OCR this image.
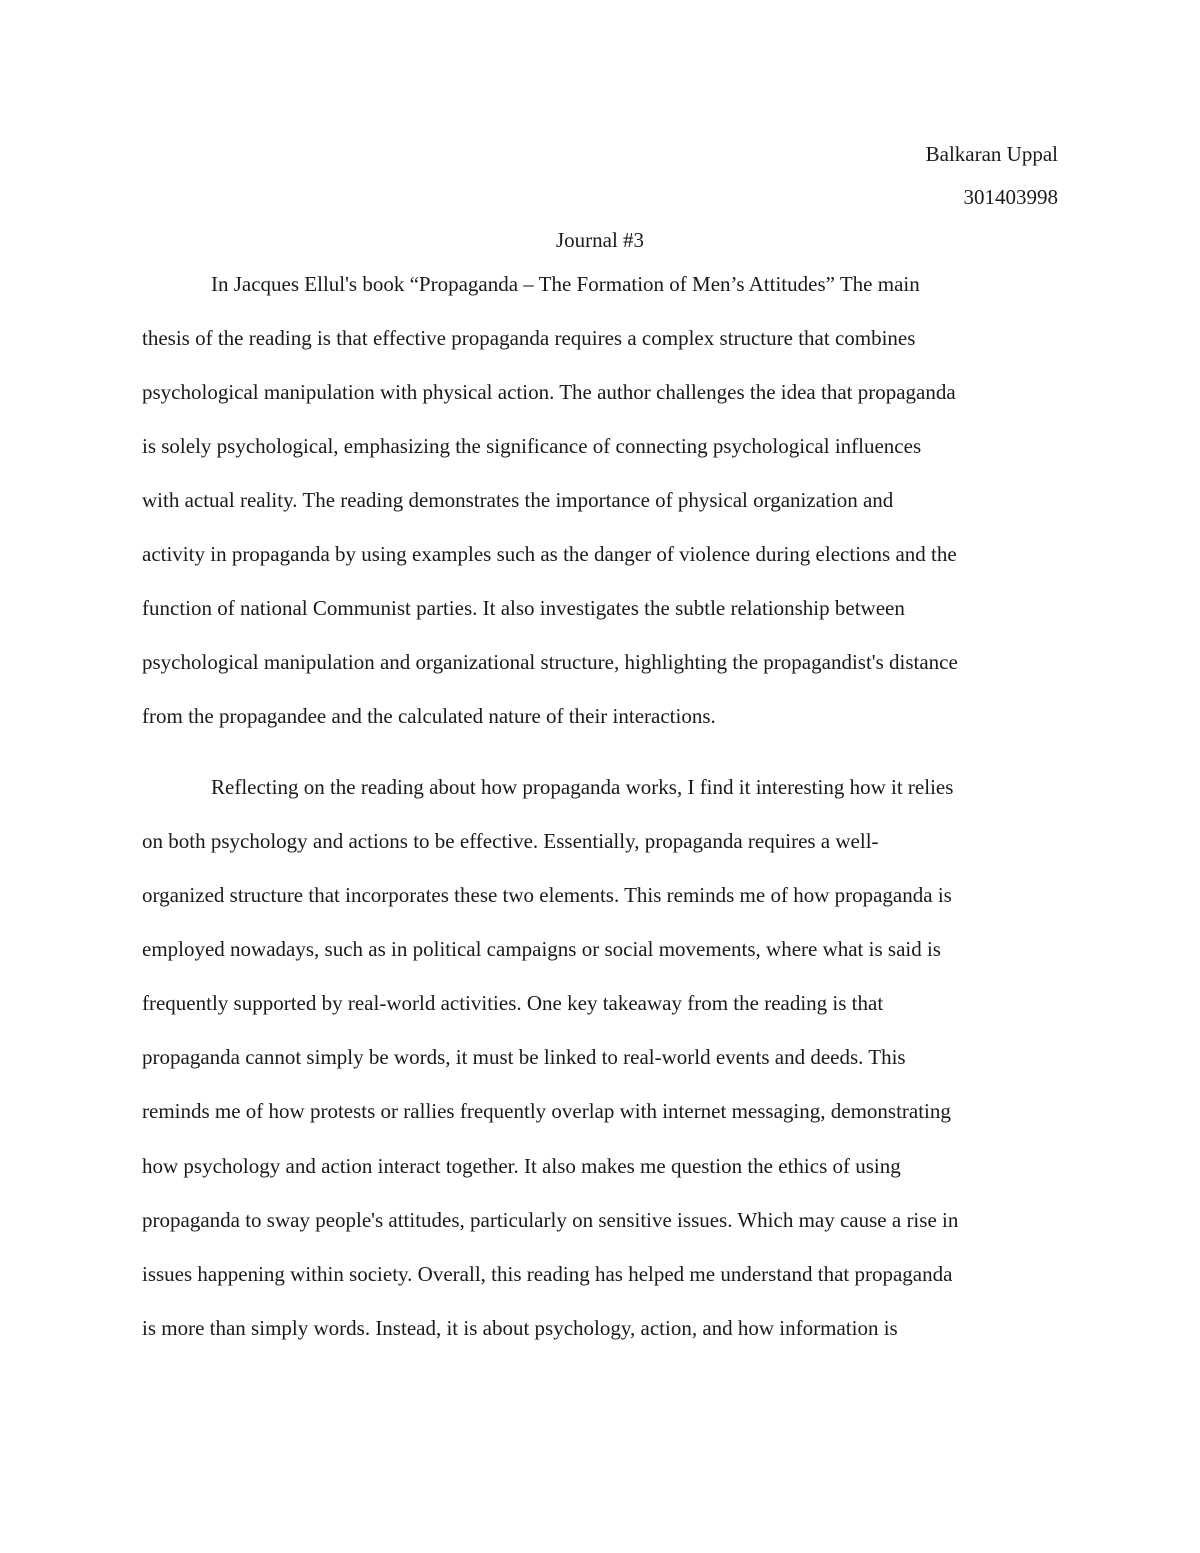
Balkaran Uppal
301403998
Journal #3
In Jacques Ellul's book “Propaganda – The Formation of Men’s Attitudes” The main
thesis of the reading is that effective propaganda requires a complex structure that combines
psychological manipulation with physical action. The author challenges the idea that propaganda
is solely psychological, emphasizing the significance of connecting psychological influences
with actual reality. The reading demonstrates the importance of physical organization and
activity in propaganda by using examples such as the danger of violence during elections and the
function of national Communist parties. It also investigates the subtle relationship between
psychological manipulation and organizational structure, highlighting the propagandist's distance
from the propagandee and the calculated nature of their interactions.
Reflecting on the reading about how propaganda works, I find it interesting how it relies
on both psychology and actions to be effective. Essentially, propaganda requires a well-
organized structure that incorporates these two elements. This reminds me of how propaganda is
employed nowadays, such as in political campaigns or social movements, where what is said is
frequently supported by real-world activities. One key takeaway from the reading is that
propaganda cannot simply be words, it must be linked to real-world events and deeds. This
reminds me of how protests or rallies frequently overlap with internet messaging, demonstrating
how psychology and action interact together. It also makes me question the ethics of using
propaganda to sway people's attitudes, particularly on sensitive issues. Which may cause a rise in
issues happening within society. Overall, this reading has helped me understand that propaganda
is more than simply words. Instead, it is about psychology, action, and how information is
